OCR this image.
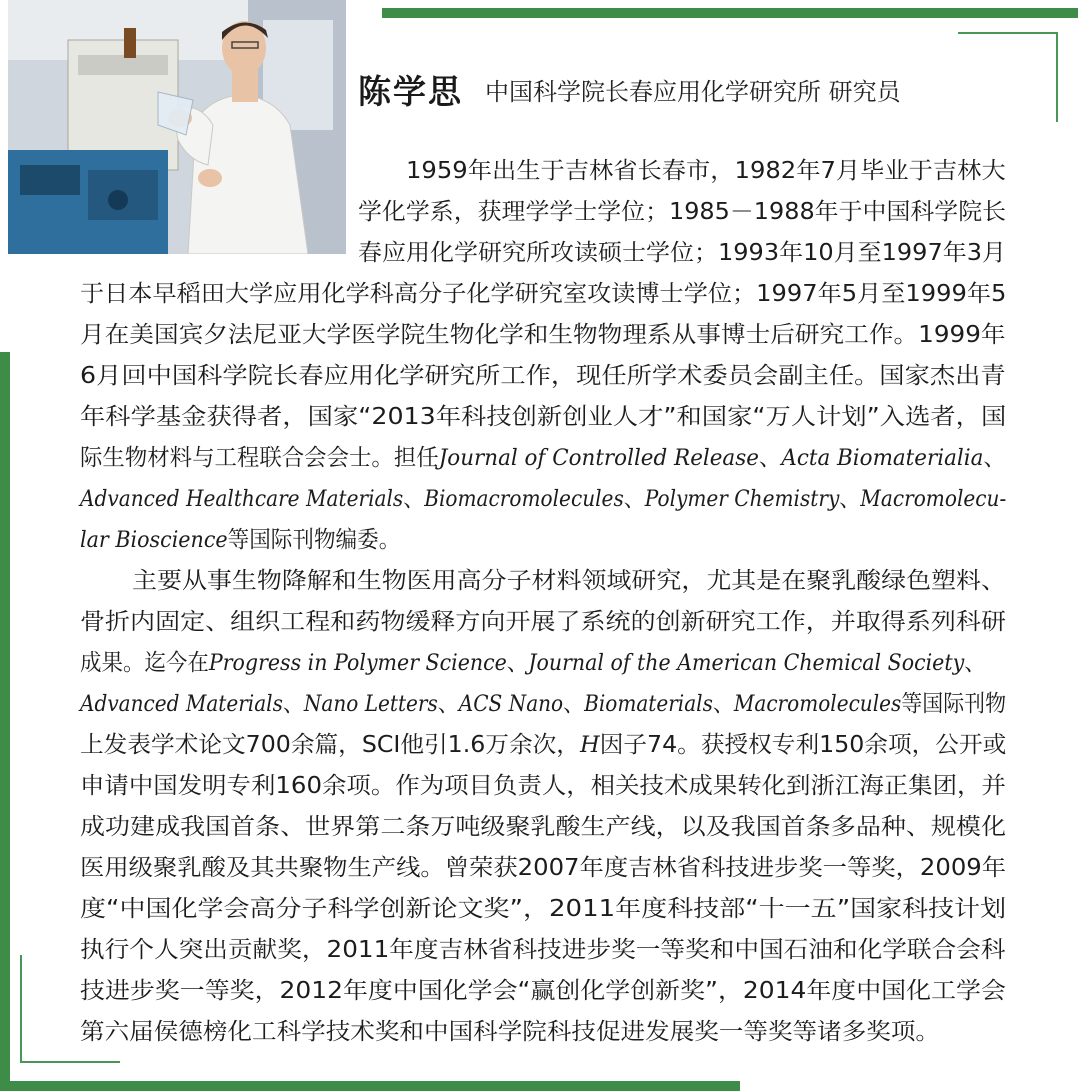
陈学思 中国科学院长春应用化学研究所 研究员
1959年出生于吉林省长春市，1982年7月毕业于吉林大
学化学系，获理学学士学位；1985－1988年于中国科学院长
春应用化学研究所攻读硕士学位；1993年10月至1997年3月
于日本早稻田大学应用化学科高分子化学研究室攻读博士学位；1997年5月至1999年5
月在美国宾夕法尼亚大学医学院生物化学和生物物理系从事博士后研究工作。1999年
6月回中国科学院长春应用化学研究所工作，现任所学术委员会副主任。国家杰出青
年科学基金获得者，国家“2013年科技创新创业人才”和国家“万人计划”入选者，国
际生物材料与工程联合会会士。担任Journal of Controlled Release、Acta Biomaterialia、
Advanced Healthcare Materials、Biomacromolecules、Polymer Chemistry、Macromolecu-
lar Bioscience等国际刊物编委。
主要从事生物降解和生物医用高分子材料领域研究，尤其是在聚乳酸绿色塑料、
骨折内固定、组织工程和药物缓释方向开展了系统的创新研究工作，并取得系列科研
成果。迄今在Progress in Polymer Science、Journal of the American Chemical Society、
Advanced Materials、Nano Letters、ACS Nano、Biomaterials、Macromolecules等国际刊物
上发表学术论文700余篇，SCI他引1.6万余次，H因子74。获授权专利150余项，公开或
申请中国发明专利160余项。作为项目负责人，相关技术成果转化到浙江海正集团，并
成功建成我国首条、世界第二条万吨级聚乳酸生产线，以及我国首条多品种、规模化
医用级聚乳酸及其共聚物生产线。曾荣获2007年度吉林省科技进步奖一等奖，2009年
度“中国化学会高分子科学创新论文奖”，2011年度科技部“十一五”国家科技计划
执行个人突出贡献奖，2011年度吉林省科技进步奖一等奖和中国石油和化学联合会科
技进步奖一等奖，2012年度中国化学会“赢创化学创新奖”，2014年度中国化工学会
第六届侯德榜化工科学技术奖和中国科学院科技促进发展奖一等奖等诸多奖项。
